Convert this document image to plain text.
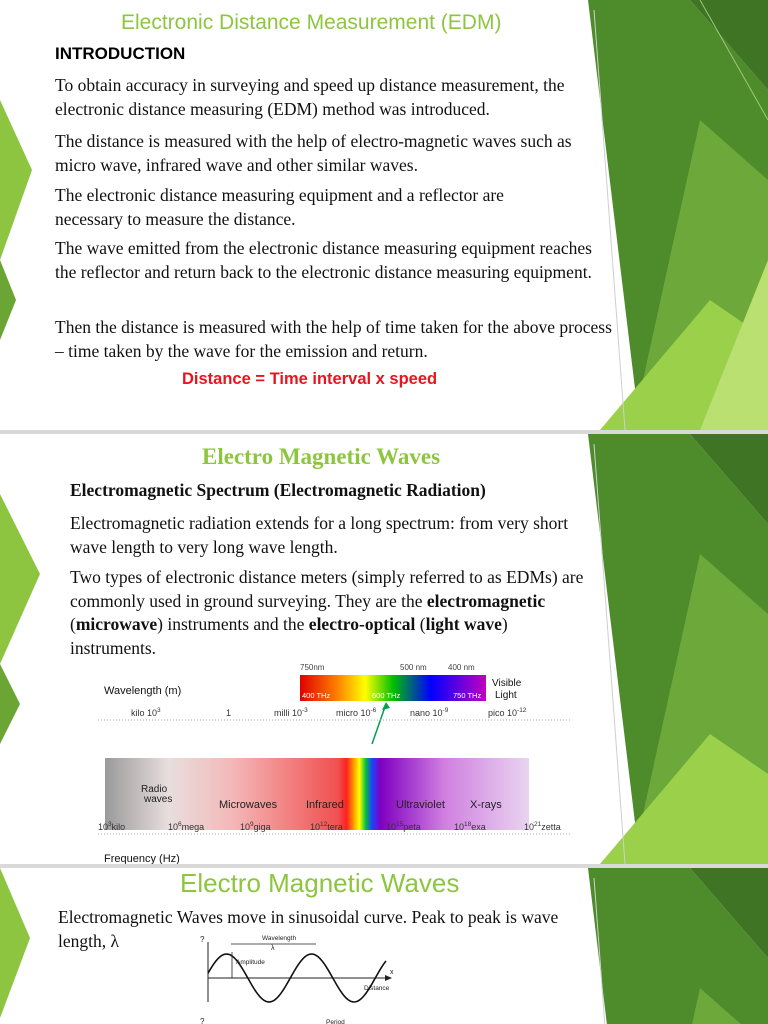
Electronic Distance Measurement (EDM)
INTRODUCTION
To obtain accuracy in surveying and speed up distance measurement, the electronic distance measuring (EDM) method was introduced.
The distance is measured with the help of electro-magnetic waves such as micro wave, infrared wave and other similar waves.
The electronic distance measuring equipment and a reflector are necessary to measure the distance.
The wave emitted from the electronic distance measuring equipment reaches the reflector and return back to the electronic distance measuring equipment.
Then the distance is measured with the help of time taken for the above process – time taken by the wave for the emission and return.
Distance = Time interval x speed
Electro Magnetic Waves
Electromagnetic Spectrum (Electromagnetic Radiation)
Electromagnetic radiation extends for a long spectrum: from very short wave length to very long wave length.
Two types of electronic distance meters (simply referred to as EDMs) are commonly used in ground surveying. They are the electromagnetic (microwave) instruments and the electro-optical (light wave) instruments.
750nm	500 nm	400 nm
400 THz	600 THz	750 THz
Visible
Light
Wavelength (m)
kilo $10^3$	1	milli $10^{-3}$	micro $10^{-6}$	nano $10^{-9}$	pico $10^{-12}$
Radio
waves	Microwaves	Infrared	Ultraviolet X-rays
$10^3kilo$	$10^6mega$	$10^9giga$	$10^{12}tera$	$10^{15}peta$	$10^{18}exa$	$10^{21}zetta$
Frequency (Hz)
Electro Magnetic Waves
Electromagnetic Waves move in sinusoidal curve. Peak to peak is wave length, λ	?	Wavelength
λ
Amplitude
x
Distance
?	Period
